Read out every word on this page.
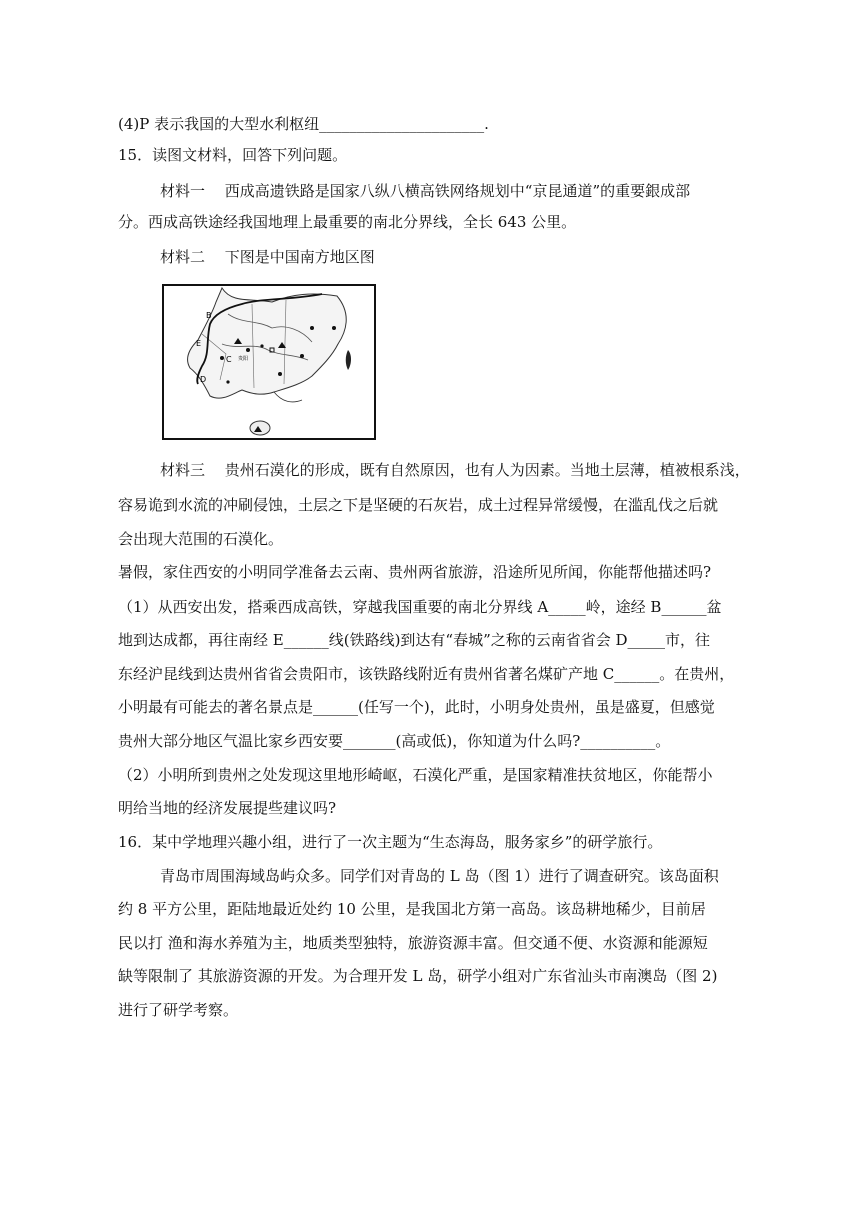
(4)P 表示我国的大型水利枢纽______________________.
15．读图文材料，回答下列问题。
材料一　 西成高遗铁路是国家八纵八横高铁网络规划中“京昆通道”的重要銀成部
分。西成高铁途经我国地理上最重要的南北分界线，全长 643 公里。
材料二　 下图是中国南方地区图
B
E
C
D
贵阳
材料三　 贵州石漠化的形成，既有自然原因，也有人为因素。当地土层薄，植被根系浅，
容易诡到水流的冲刷侵蚀，土层之下是坚硬的石灰岩，成土过程异常缓慢，在滥乱伐之后就
会出现大范围的石漠化。
暑假，家住西安的小明同学准备去云南、贵州两省旅游，沿途所见所闻，你能帮他描述吗?
（1）从西安出发，搭乘西成高铁，穿越我国重要的南北分界线 A_____岭，途经 B______盆
地到达成都，再往南经 E______线(铁路线)到达有“春城”之称的云南省省会 D_____市，往
东经沪昆线到达贵州省省会贵阳市，该铁路线附近有贵州省著名煤矿产地 C______。在贵州，
小明最有可能去的著名景点是______(任写一个)，此时，小明身处贵州，虽是盛夏，但感觉
贵州大部分地区气温比家乡西安要_______(高或低)，你知道为什么吗?__________。
（2）小明所到贵州之处发现这里地形崎岖，石漠化严重，是国家精准扶贫地区，你能帮小
明给当地的经济发展提些建议吗?
16．某中学地理兴趣小组，进行了一次主题为“生态海岛，服务家乡”的研学旅行。
青岛市周围海域岛屿众多。同学们对青岛的 L 岛（图 1）进行了调查研究。该岛面积
约 8 平方公里，距陆地最近处约 10 公里，是我国北方第一高岛。该岛耕地稀少，目前居
民以打 渔和海水养殖为主，地质类型独特，旅游资源丰富。但交通不便、水资源和能源短
缺等限制了 其旅游资源的开发。为合理开发 L 岛，研学小组对广东省汕头市南澳岛（图 2)
进行了研学考察。
